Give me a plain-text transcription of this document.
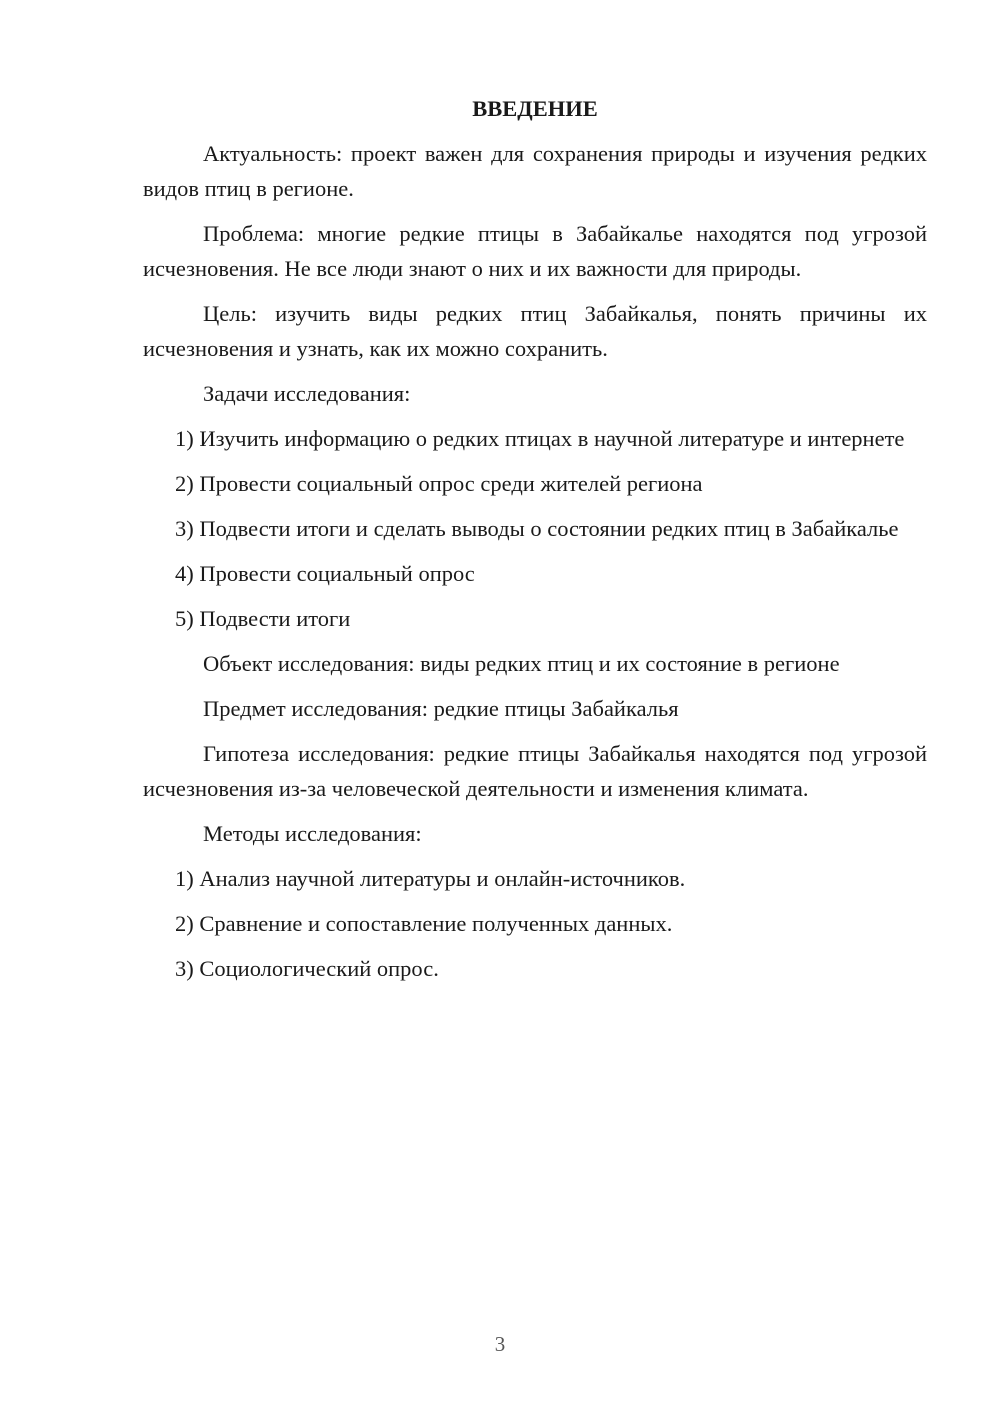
ВВЕДЕНИЕ

Актуальность: проект важен для сохранения природы и изучения редких видов птиц в регионе.

Проблема: многие редкие птицы в Забайкалье находятся под угрозой исчезновения. Не все люди знают о них и их важности для природы.

Цель: изучить виды редких птиц Забайкалья, понять причины их исчезновения и узнать, как их можно сохранить.

Задачи исследования:

1) Изучить информацию о редких птицах в научной литературе и интернете

2) Провести социальный опрос среди жителей региона

3) Подвести итоги и сделать выводы о состоянии редких птиц в Забайкалье

4) Провести социальный опрос

5) Подвести итоги

Объект исследования: виды редких птиц и их состояние в регионе

Предмет исследования: редкие птицы Забайкалья

Гипотеза исследования: редкие птицы Забайкалья находятся под угрозой исчезновения из-за человеческой деятельности и изменения климата.

Методы исследования:

1) Анализ научной литературы и онлайн-источников.

2) Сравнение и сопоставление полученных данных.

3) Социологический опрос.

3
